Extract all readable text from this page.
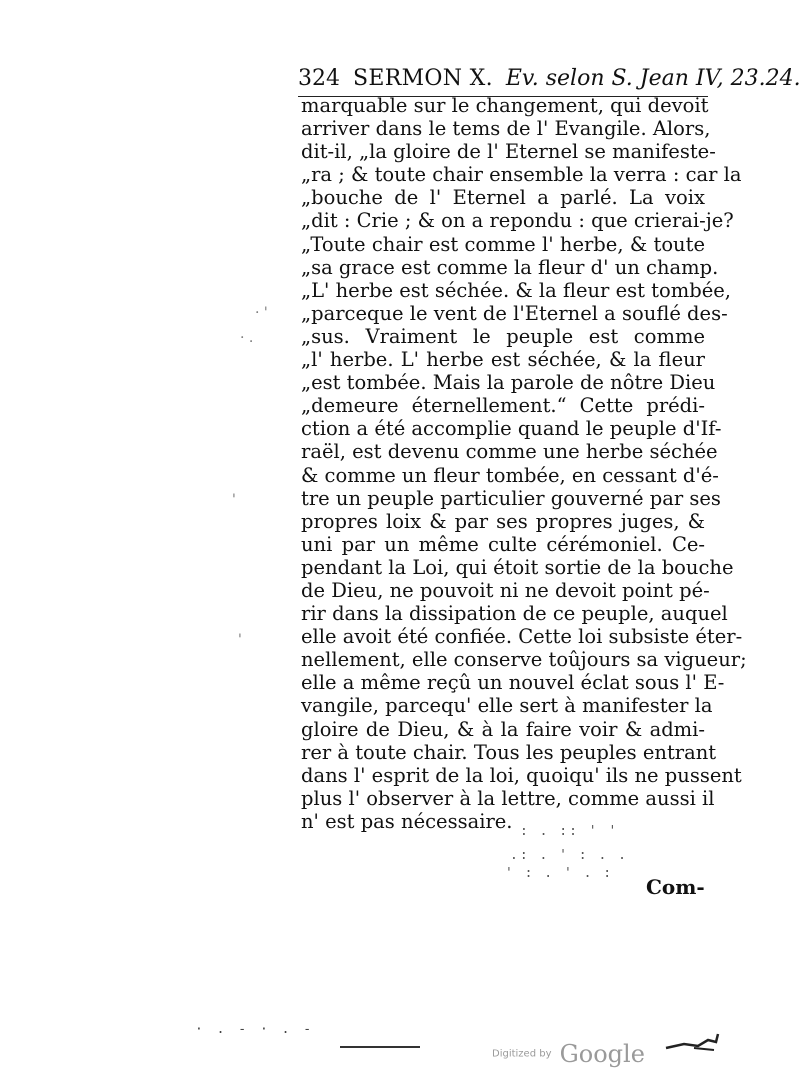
324 SERMON X. Ev. selon S. Jean IV, 23.24.
marquable sur le changement, qui devoit
arriver dans le tems de l' Evangile. Alors,
dit-il, „la gloire de l' Eternel se manifeste-
„ra ; & toute chair ensemble la verra : car la
„bouche de l' Eternel a parlé. La voix
„dit : Crie ; & on a repondu : que crierai-je?
„Toute chair est comme l' herbe, & toute
„sa grace est comme la fleur d' un champ.
„L' herbe est séchée. & la fleur est tombée,
„parceque le vent de l'Eternel a souflé des-
„sus. Vraiment le peuple est comme
„l' herbe. L' herbe est séchée, & la fleur
„est tombée. Mais la parole de nôtre Dieu
„demeure éternellement.“ Cette prédi-
ction a été accomplie quand le peuple d'If-
raël, est devenu comme une herbe séchée
& comme un fleur tombée, en cessant d'é-
tre un peuple particulier gouverné par ses
propres loix & par ses propres juges, &
uni par un même culte cérémoniel. Ce-
pendant la Loi, qui étoit sortie de la bouche
de Dieu, ne pouvoit ni ne devoit point pé-
rir dans la dissipation de ce peuple, auquel
elle avoit été confiée. Cette loi subsiste éter-
nellement, elle conserve toûjours sa vigueur;
elle a même reçû un nouvel éclat sous l' E-
vangile, parcequ' elle sert à manifester la
gloire de Dieu, & à la faire voir & admi-
rer à toute chair. Tous les peuples entrant
dans l' esprit de la loi, quoiqu' ils ne pussent
plus l' observer à la lettre, comme aussi il
n' est pas nécessaire.
Com-
: . :: ' '
.: . ' : . .
' : . ' . :
· '
· .
'
'
· . - · . -
Digitized by Google
